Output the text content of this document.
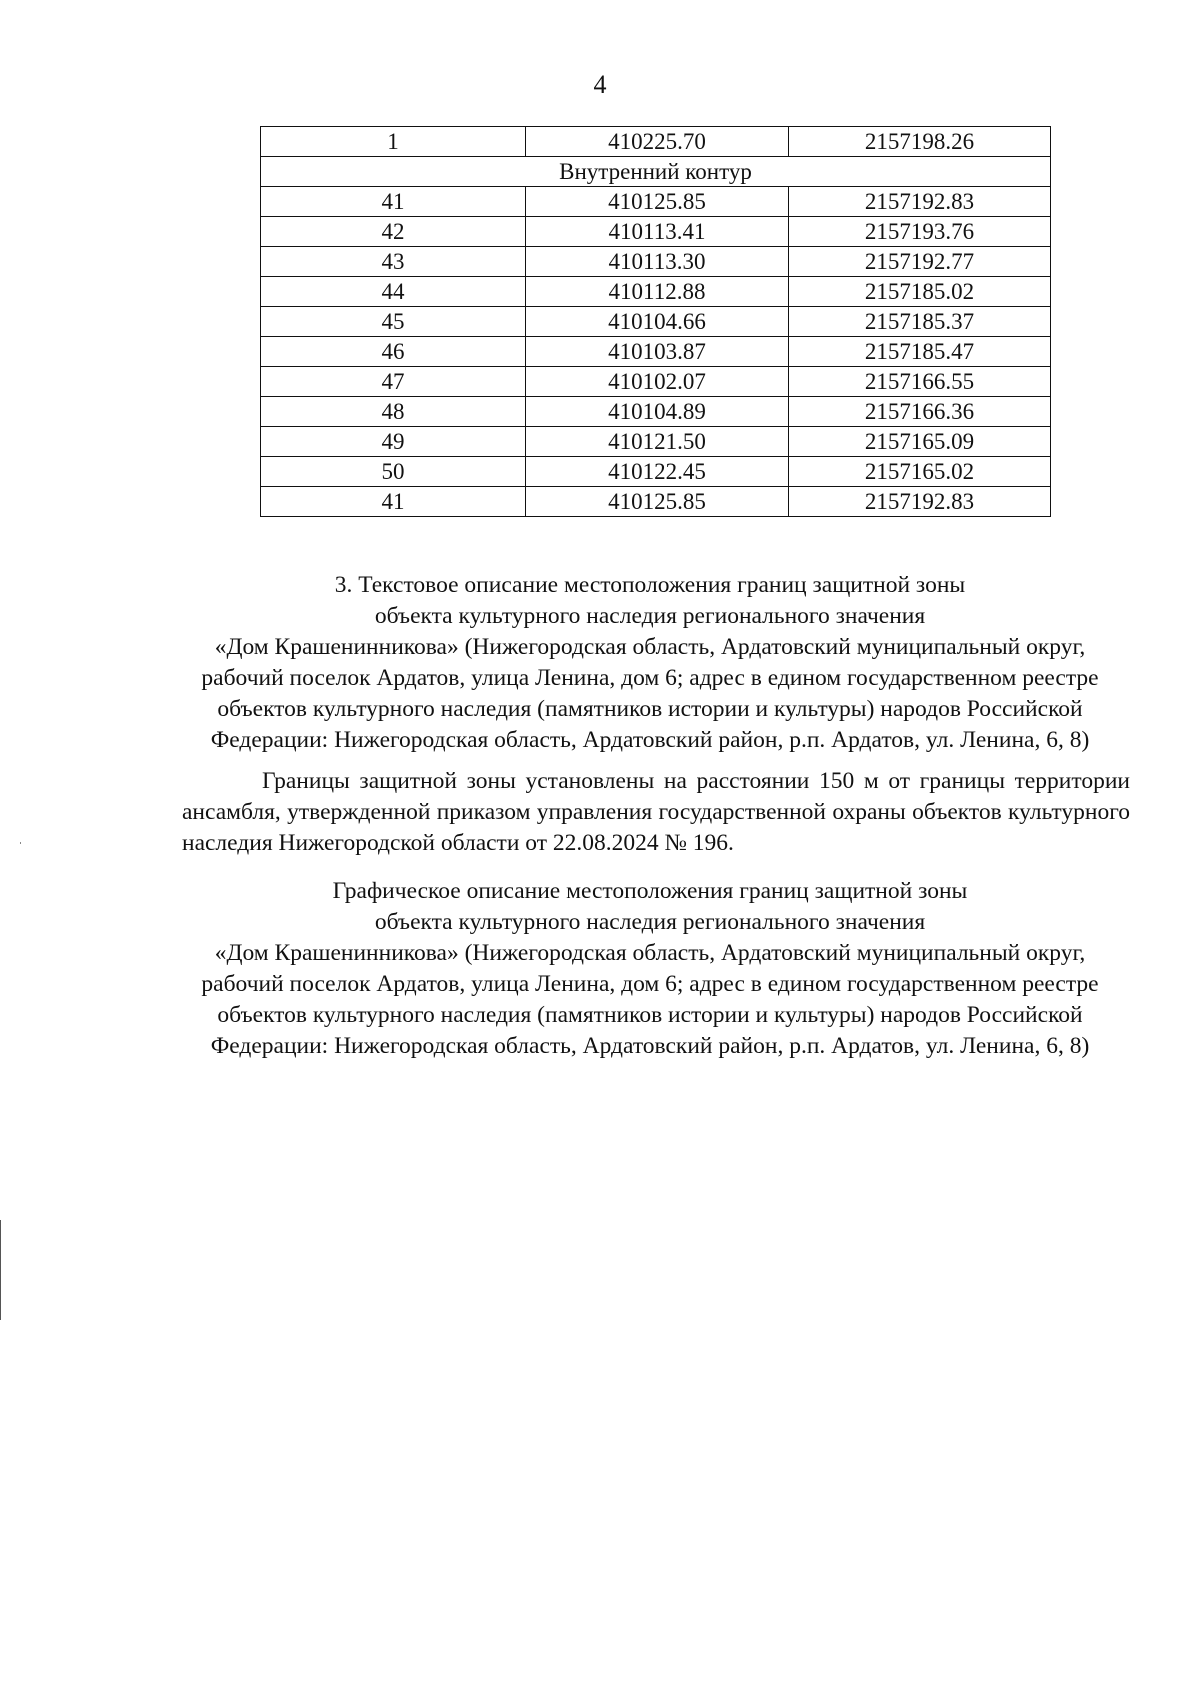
4
1	410225.70	2157198.26
Внутренний контур		
41	410125.85	2157192.83
42	410113.41	2157193.76
43	410113.30	2157192.77
44	410112.88	2157185.02
45	410104.66	2157185.37
46	410103.87	2157185.47
47	410102.07	2157166.55
48	410104.89	2157166.36
49	410121.50	2157165.09
50	410122.45	2157165.02
41	410125.85	2157192.83
3. Текстовое описание местоположения границ защитной зоны
объекта культурного наследия регионального значения
«Дом Крашенинникова» (Нижегородская область, Ардатовский муниципальный округ,
рабочий поселок Ардатов, улица Ленина, дом 6; адрес в едином государственном реестре
объектов культурного наследия (памятников истории и культуры) народов Российской
Федерации: Нижегородская область, Ардатовский район, р.п. Ардатов, ул. Ленина, 6, 8)
Границы защитной зоны установлены на расстоянии 150 м от границы территории ансамбля, утвержденной приказом управления государственной охраны объектов культурного наследия Нижегородской области от 22.08.2024 № 196.
Графическое описание местоположения границ защитной зоны
объекта культурного наследия регионального значения
«Дом Крашенинникова» (Нижегородская область, Ардатовский муниципальный округ,
рабочий поселок Ардатов, улица Ленина, дом 6; адрес в едином государственном реестре
объектов культурного наследия (памятников истории и культуры) народов Российской
Федерации: Нижегородская область, Ардатовский район, р.п. Ардатов, ул. Ленина, 6, 8)
